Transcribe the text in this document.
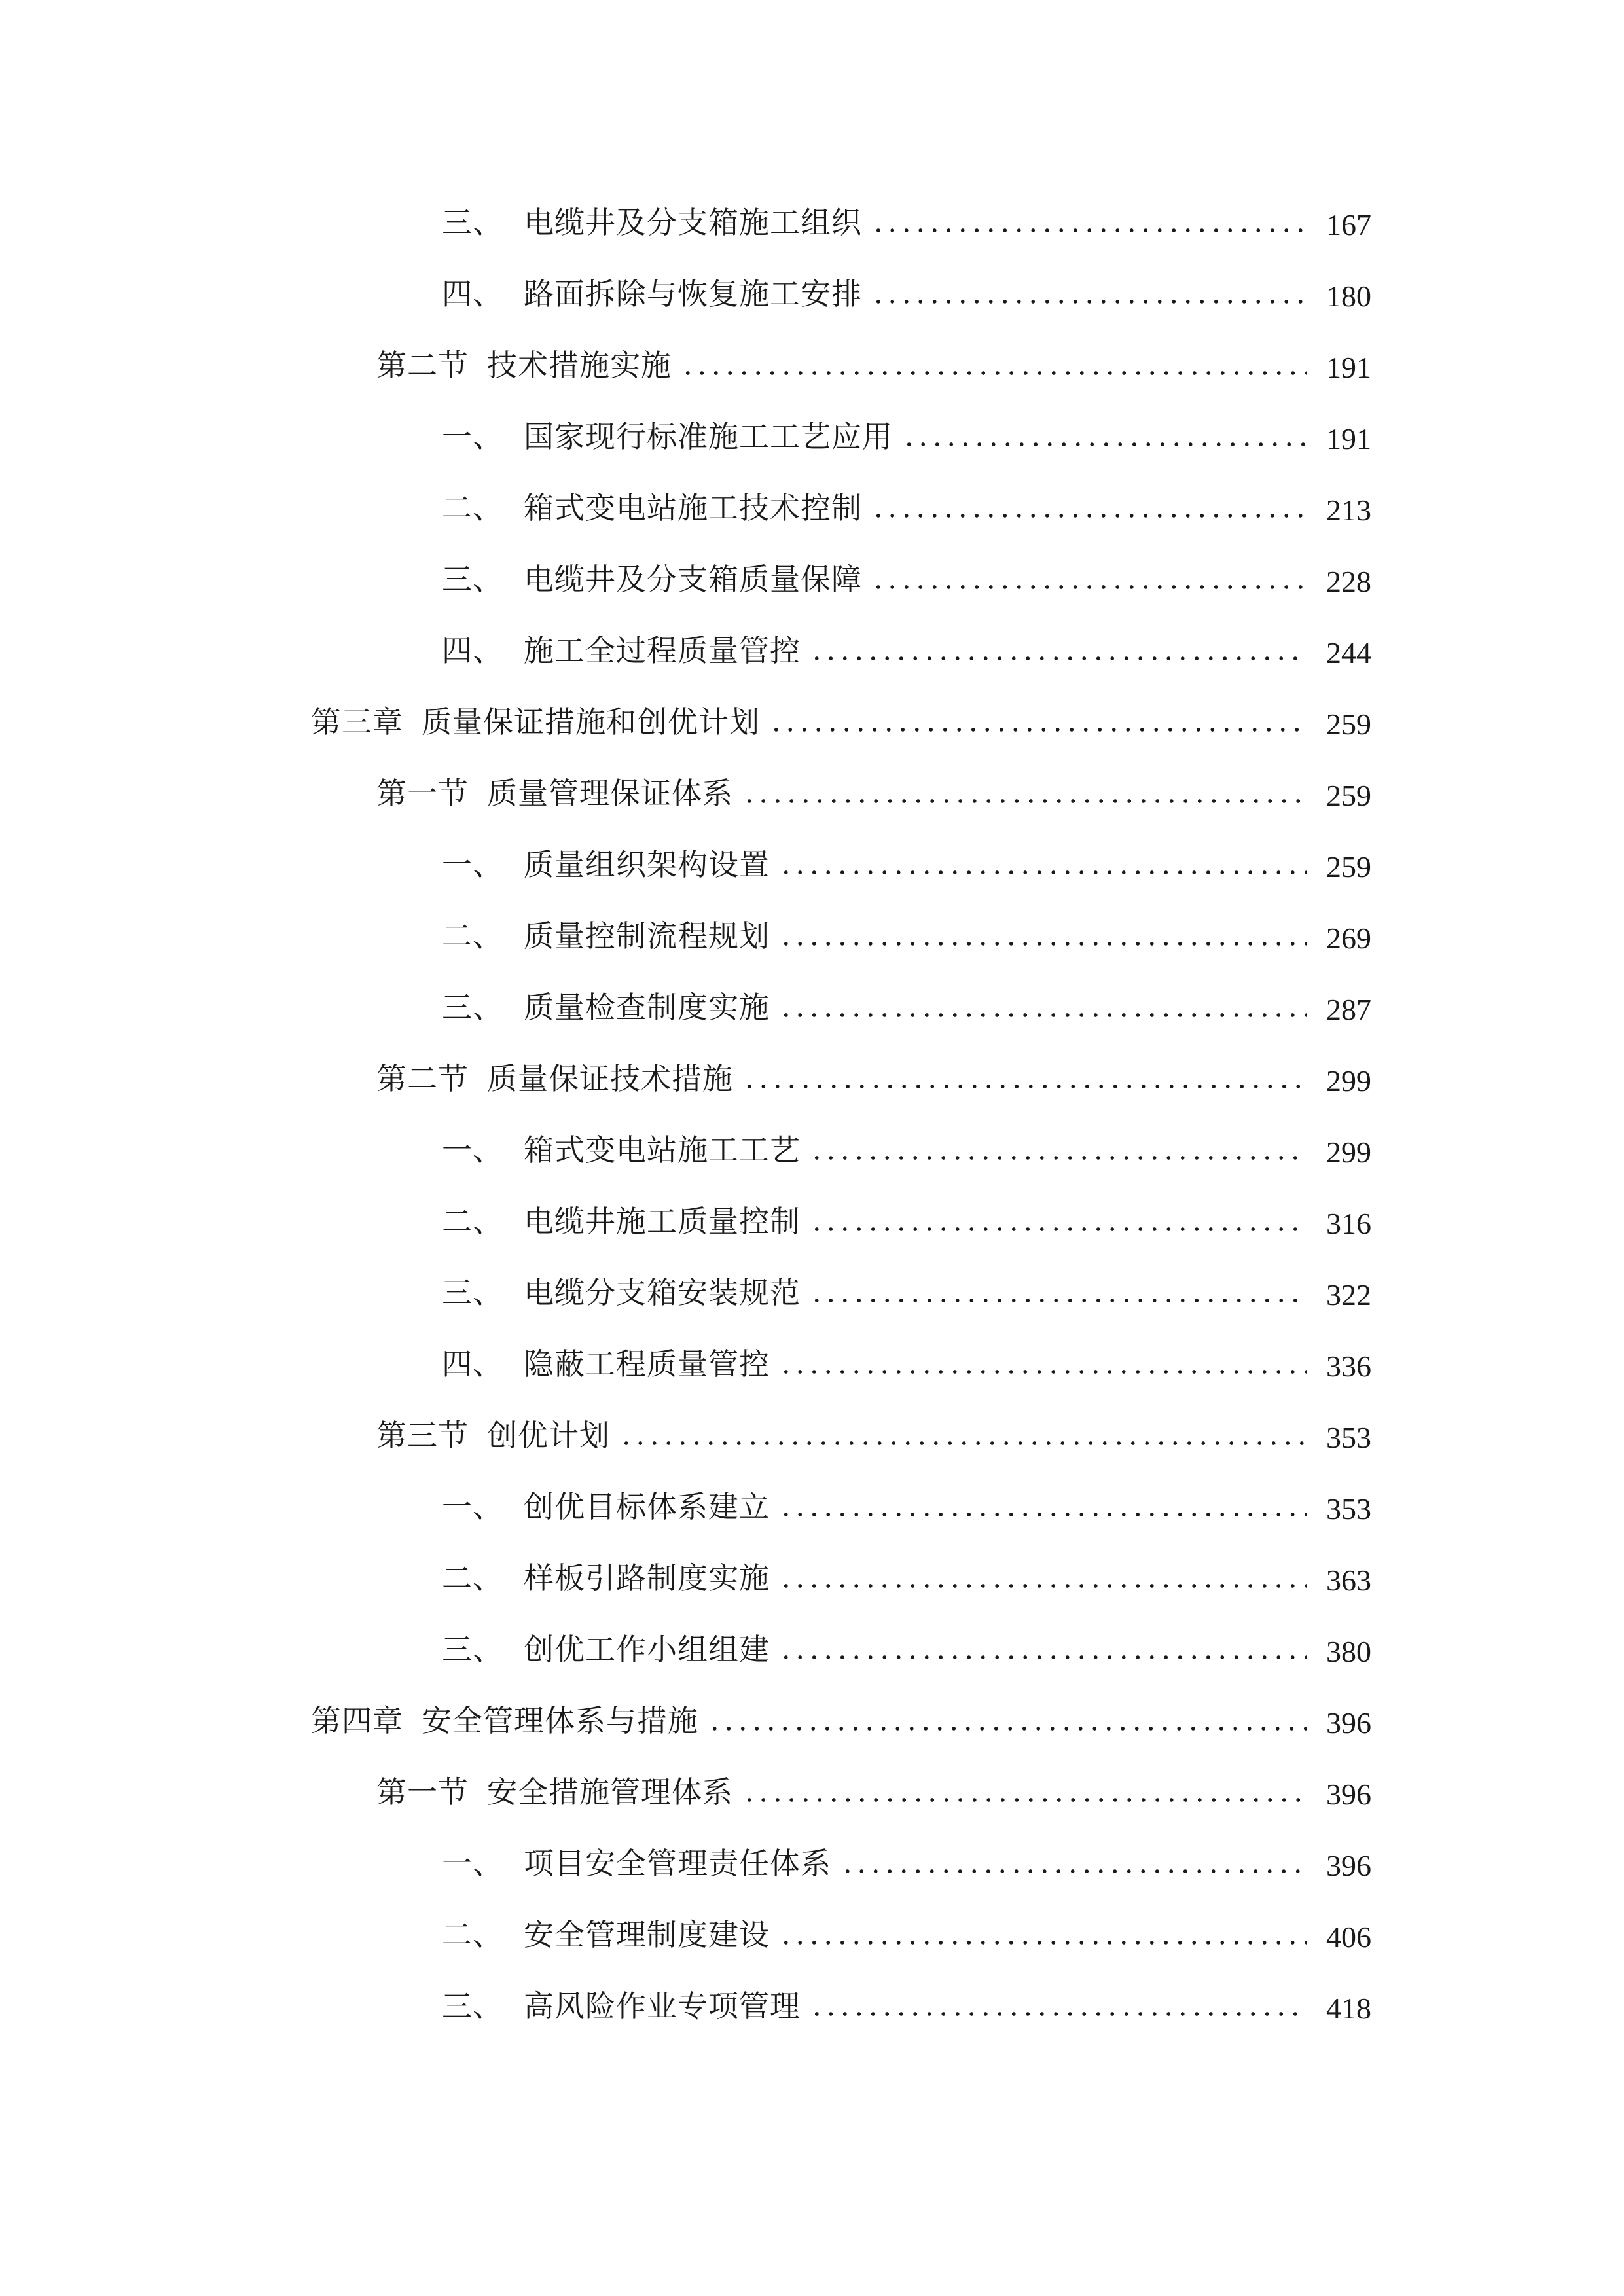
三、 电缆井及分支箱施工组织	167
四、 路面拆除与恢复施工安排	180
第二节 技术措施实施	191
一、 国家现行标准施工工艺应用	191
二、 箱式变电站施工技术控制	213
三、 电缆井及分支箱质量保障	228
四、 施工全过程质量管控	244
第三章 质量保证措施和创优计划	259
第一节 质量管理保证体系	259
一、 质量组织架构设置	259
二、 质量控制流程规划	269
三、 质量检查制度实施	287
第二节 质量保证技术措施	299
一、 箱式变电站施工工艺	299
二、 电缆井施工质量控制	316
三、 电缆分支箱安装规范	322
四、 隐蔽工程质量管控	336
第三节 创优计划	353
一、 创优目标体系建立	353
二、 样板引路制度实施	363
三、 创优工作小组组建	380
第四章 安全管理体系与措施	396
第一节 安全措施管理体系	396
一、 项目安全管理责任体系	396
二、 安全管理制度建设	406
三、 高风险作业专项管理	418
